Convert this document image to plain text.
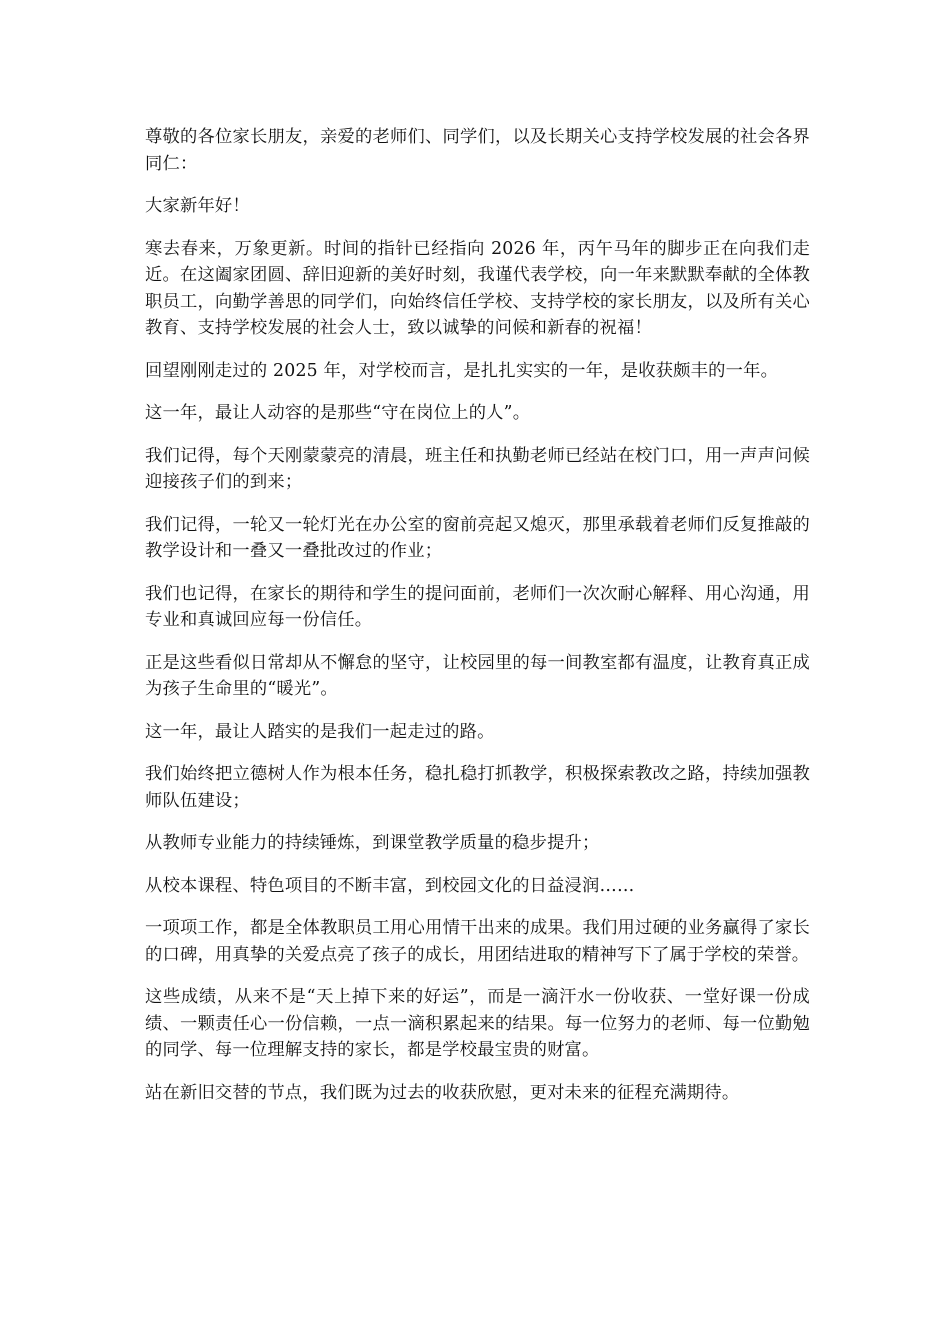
尊敬的各位家长朋友，亲爱的老师们、同学们，以及长期关心支持学校发展的社会各界同仁：

大家新年好！

寒去春来，万象更新。时间的指针已经指向 2026 年，丙午马年的脚步正在向我们走近。在这阖家团圆、辞旧迎新的美好时刻，我谨代表学校，向一年来默默奉献的全体教职员工，向勤学善思的同学们，向始终信任学校、支持学校的家长朋友，以及所有关心教育、支持学校发展的社会人士，致以诚挚的问候和新春的祝福！

回望刚刚走过的 2025 年，对学校而言，是扎扎实实的一年，是收获颇丰的一年。

这一年，最让人动容的是那些“守在岗位上的人”。

我们记得，每个天刚蒙蒙亮的清晨，班主任和执勤老师已经站在校门口，用一声声问候迎接孩子们的到来；

我们记得，一轮又一轮灯光在办公室的窗前亮起又熄灭，那里承载着老师们反复推敲的教学设计和一叠又一叠批改过的作业；

我们也记得，在家长的期待和学生的提问面前，老师们一次次耐心解释、用心沟通，用专业和真诚回应每一份信任。

正是这些看似日常却从不懈怠的坚守，让校园里的每一间教室都有温度，让教育真正成为孩子生命里的“暖光”。

这一年，最让人踏实的是我们一起走过的路。

我们始终把立德树人作为根本任务，稳扎稳打抓教学，积极探索教改之路，持续加强教师队伍建设；

从教师专业能力的持续锤炼，到课堂教学质量的稳步提升；

从校本课程、特色项目的不断丰富，到校园文化的日益浸润……

一项项工作，都是全体教职员工用心用情干出来的成果。我们用过硬的业务赢得了家长的口碑，用真挚的关爱点亮了孩子的成长，用团结进取的精神写下了属于学校的荣誉。

这些成绩，从来不是“天上掉下来的好运”，而是一滴汗水一份收获、一堂好课一份成绩、一颗责任心一份信赖，一点一滴积累起来的结果。每一位努力的老师、每一位勤勉的同学、每一位理解支持的家长，都是学校最宝贵的财富。

站在新旧交替的节点，我们既为过去的收获欣慰，更对未来的征程充满期待。
